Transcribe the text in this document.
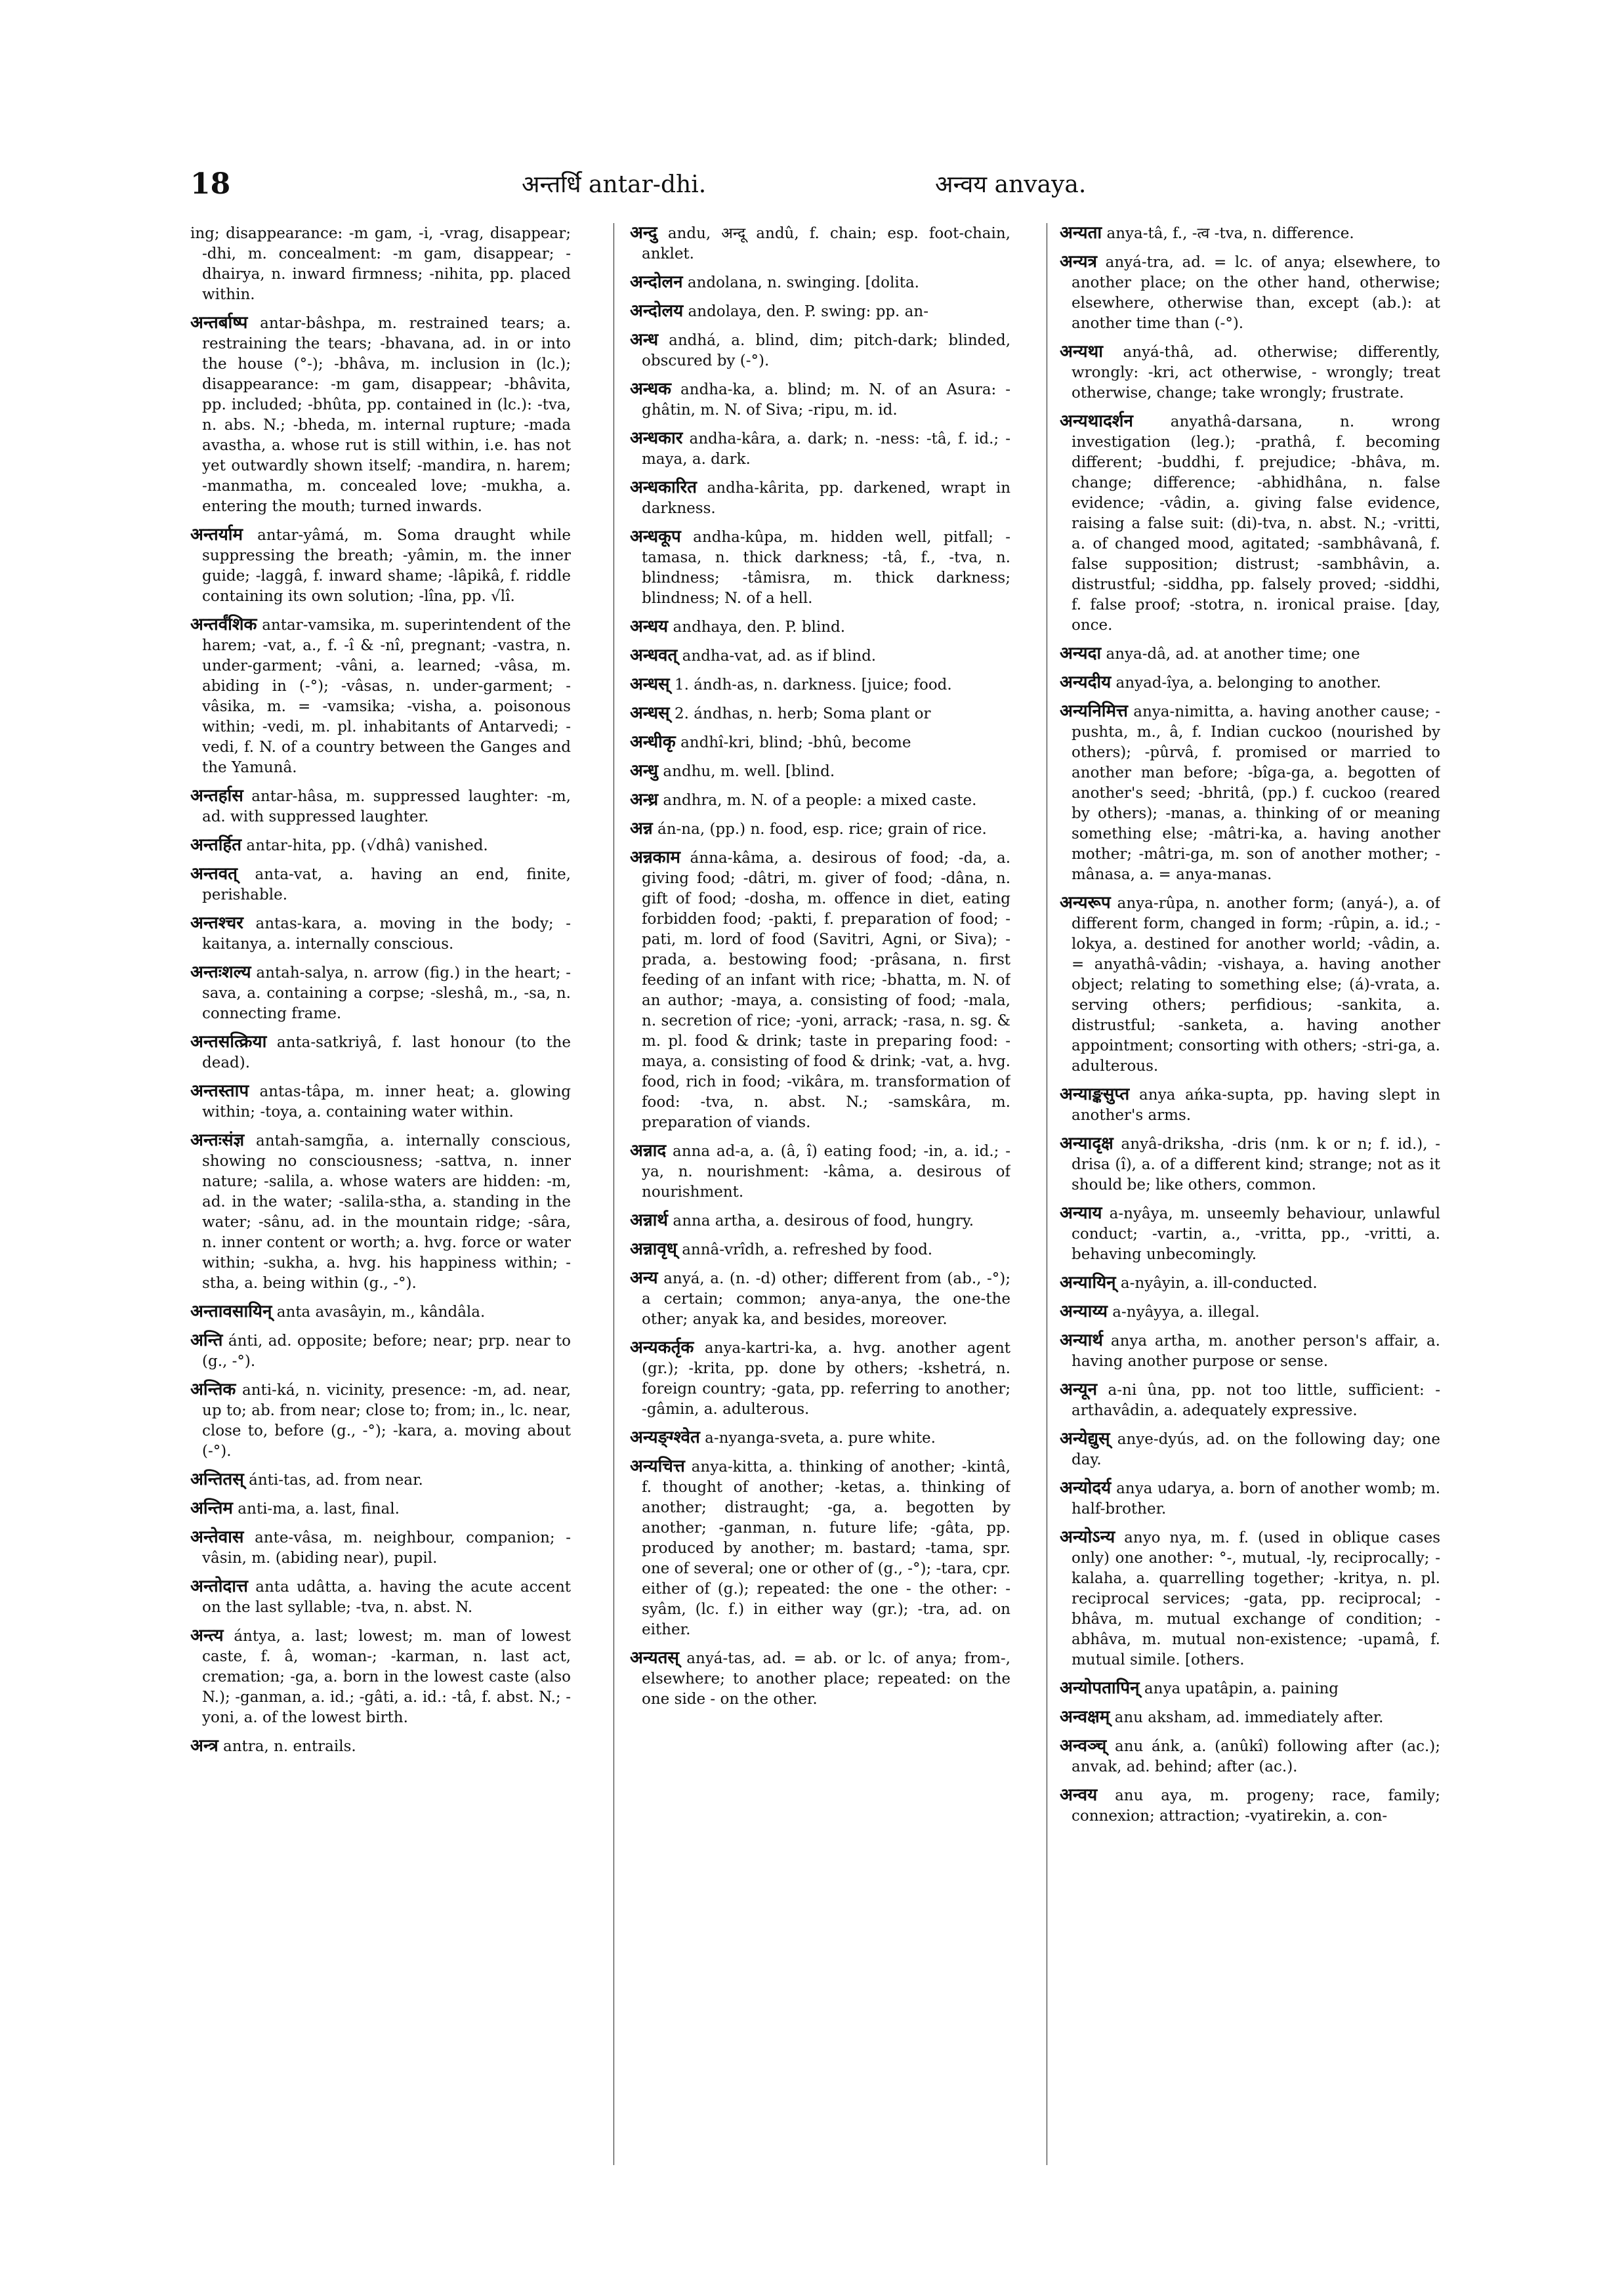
18	अन्तर्धि antar-dhi.	अन्वय anvaya.

ing; disappearance: -m gam, -i, -vrag, disappear; -dhi, m. concealment: -m gam, disappear; -dhairya, n. inward firmness; -nihita, pp. placed within.

अन्तर्बाष्प antar-bâshpa, m. restrained tears; a. restraining the tears; -bhavana, ad. in or into the house (°-); -bhâva, m. inclusion in (lc.); disappearance: -m gam, disappear; -bhâvita, pp. included; -bhûta, pp. contained in (lc.): -tva, n. abs. N.; -bheda, m. internal rupture; -mada avastha, a. whose rut is still within, i.e. has not yet outwardly shown itself; -mandira, n. harem; -manmatha, m. concealed love; -mukha, a. entering the mouth; turned inwards.

अन्तर्याम antar-yâmá, m. Soma draught while suppressing the breath; -yâmin, m. the inner guide; -laggâ, f. inward shame; -lâpikâ, f. riddle containing its own solution; -lîna, pp. √lî.

अन्तर्वंशिक antar-vamsika, m. superintendent of the harem; -vat, a., f. -î & -nî, pregnant; -vastra, n. under-garment; -vâni, a. learned; -vâsa, m. abiding in (-°); -vâsas, n. under-garment; -vâsika, m. = -vamsika; -visha, a. poisonous within; -vedi, m. pl. inhabitants of Antarvedi; -vedi, f. N. of a country between the Ganges and the Yamunâ.

अन्तर्हास antar-hâsa, m. suppressed laughter: -m, ad. with suppressed laughter.

अन्तर्हित antar-hita, pp. (√dhâ) vanished.

अन्तवत् anta-vat, a. having an end, finite, perishable.

अन्तश्चर antas-kara, a. moving in the body; -kaitanya, a. internally conscious.

अन्तःशल्य antah-salya, n. arrow (fig.) in the heart; -sava, a. containing a corpse; -sleshâ, m., -sa, n. connecting frame.

अन्तसत्क्रिया anta-satkriyâ, f. last honour (to the dead).

अन्तस्ताप antas-tâpa, m. inner heat; a. glowing within; -toya, a. containing water within.

अन्तःसंज्ञ antah-samgña, a. internally conscious, showing no consciousness; -sattva, n. inner nature; -salila, a. whose waters are hidden: -m, ad. in the water; -salila-stha, a. standing in the water; -sânu, ad. in the mountain ridge; -sâra, n. inner content or worth; a. hvg. force or water within; -sukha, a. hvg. his happiness within; -stha, a. being within (g., -°).

अन्तावसायिन् anta avasâyin, m., kândâla.

अन्ति ánti, ad. opposite; before; near; prp. near to (g., -°).

अन्तिक anti-ká, n. vicinity, presence: -m, ad. near, up to; ab. from near; close to; from; in., lc. near, close to, before (g., -°); -kara, a. moving about (-°).

अन्तितस् ánti-tas, ad. from near.

अन्तिम anti-ma, a. last, final.

अन्तेवास ante-vâsa, m. neighbour, companion; -vâsin, m. (abiding near), pupil.

अन्तोदात्त anta udâtta, a. having the acute accent on the last syllable; -tva, n. abst. N.

अन्त्य ántya, a. last; lowest; m. man of lowest caste, f. â, woman-; -karman, n. last act, cremation; -ga, a. born in the lowest caste (also N.); -ganman, a. id.; -gâti, a. id.: -tâ, f. abst. N.; -yoni, a. of the lowest birth.

अन्त्र antra, n. entrails.

अन्दु andu, अन्दू andû, f. chain; esp. foot-chain, anklet.

अन्दोलन andolana, n. swinging. [dolita.

अन्दोलय andolaya, den. P. swing: pp. an-

अन्ध andhá, a. blind, dim; pitch-dark; blinded, obscured by (-°).

अन्धक andha-ka, a. blind; m. N. of an Asura: -ghâtin, m. N. of Siva; -ripu, m. id.

अन्धकार andha-kâra, a. dark; n. -ness: -tâ, f. id.; -maya, a. dark.

अन्धकारित andha-kârita, pp. darkened, wrapt in darkness.

अन्धकूप andha-kûpa, m. hidden well, pitfall; -tamasa, n. thick darkness; -tâ, f., -tva, n. blindness; -tâmisra, m. thick darkness; blindness; N. of a hell.

अन्धय andhaya, den. P. blind.

अन्धवत् andha-vat, ad. as if blind.

अन्धस् 1. ándh-as, n. darkness. [juice; food.

अन्धस् 2. ándhas, n. herb; Soma plant or

अन्धीकृ andhî-kri, blind; -bhû, become

अन्धु andhu, m. well. [blind.

अन्ध्र andhra, m. N. of a people: a mixed caste.

अन्न án-na, (pp.) n. food, esp. rice; grain of rice.

अन्नकाम ánna-kâma, a. desirous of food; -da, a. giving food; -dâtri, m. giver of food; -dâna, n. gift of food; -dosha, m. offence in diet, eating forbidden food; -pakti, f. preparation of food; -pati, m. lord of food (Savitri, Agni, or Siva); -prada, a. bestowing food; -prâsana, n. first feeding of an infant with rice; -bhatta, m. N. of an author; -maya, a. consisting of food; -mala, n. secretion of rice; -yoni, arrack; -rasa, n. sg. & m. pl. food & drink; taste in preparing food: -maya, a. consisting of food & drink; -vat, a. hvg. food, rich in food; -vikâra, m. transformation of food: -tva, n. abst. N.; -samskâra, m. preparation of viands.

अन्नाद anna ad-a, a. (â, î) eating food; -in, a. id.; -ya, n. nourishment: -kâma, a. desirous of nourishment.

अन्नार्थ anna artha, a. desirous of food, hungry.

अन्नावृध् annâ-vrîdh, a. refreshed by food.

अन्य anyá, a. (n. -d) other; different from (ab., -°); a certain; common; anya-anya, the one-the other; anyak ka, and besides, moreover.

अन्यकर्तृक anya-kartri-ka, a. hvg. another agent (gr.); -krita, pp. done by others; -kshetrá, n. foreign country; -gata, pp. referring to another; -gâmin, a. adulterous.

अन्यङ्ग्श्वेत a-nyanga-sveta, a. pure white.

अन्यचित्त anya-kitta, a. thinking of another; -kintâ, f. thought of another; -ketas, a. thinking of another; distraught; -ga, a. begotten by another; -ganman, n. future life; -gâta, pp. produced by another; m. bastard; -tama, spr. one of several; one or other of (g., -°); -tara, cpr. either of (g.); repeated: the one - the other: -syâm, (lc. f.) in either way (gr.); -tra, ad. on either.

अन्यतस् anyá-tas, ad. = ab. or lc. of anya; from-, elsewhere; to another place; repeated: on the one side - on the other.

अन्यता anya-tâ, f., -त्व -tva, n. difference.

अन्यत्र anyá-tra, ad. = lc. of anya; elsewhere, to another place; on the other hand, otherwise; elsewhere, otherwise than, except (ab.): at another time than (-°).

अन्यथा anyá-thâ, ad. otherwise; differently, wrongly: -kri, act otherwise, - wrongly; treat otherwise, change; take wrongly; frustrate.

अन्यथादर्शन anyathâ-darsana, n. wrong investigation (leg.); -prathâ, f. becoming different; -buddhi, f. prejudice; -bhâva, m. change; difference; -abhidhâna, n. false evidence; -vâdin, a. giving false evidence, raising a false suit: (di)-tva, n. abst. N.; -vritti, a. of changed mood, agitated; -sambhâvanâ, f. false supposition; distrust; -sambhâvin, a. distrustful; -siddha, pp. falsely proved; -siddhi, f. false proof; -stotra, n. ironical praise. [day, once.

अन्यदा anya-dâ, ad. at another time; one

अन्यदीय anyad-îya, a. belonging to another.

अन्यनिमित्त anya-nimitta, a. having another cause; -pushta, m., â, f. Indian cuckoo (nourished by others); -pûrvâ, f. promised or married to another man before; -bîga-ga, a. begotten of another's seed; -bhritâ, (pp.) f. cuckoo (reared by others); -manas, a. thinking of or meaning something else; -mâtri-ka, a. having another mother; -mâtri-ga, m. son of another mother; -mânasa, a. = anya-manas.

अन्यरूप anya-rûpa, n. another form; (anyá-), a. of different form, changed in form; -rûpin, a. id.; -lokya, a. destined for another world; -vâdin, a. = anyathâ-vâdin; -vishaya, a. having another object; relating to something else; (á)-vrata, a. serving others; perfidious; -sankita, a. distrustful; -sanketa, a. having another appointment; consorting with others; -stri-ga, a. adulterous.

अन्याङ्कसुप्त anya ańka-supta, pp. having slept in another's arms.

अन्यादृक्ष anyâ-driksha, -dris (nm. k or n; f. id.), -drisa (î), a. of a different kind; strange; not as it should be; like others, common.

अन्याय a-nyâya, m. unseemly behaviour, unlawful conduct; -vartin, a., -vritta, pp., -vritti, a. behaving unbecomingly.

अन्यायिन् a-nyâyin, a. ill-conducted.

अन्याय्य a-nyâyya, a. illegal.

अन्यार्थ anya artha, m. another person's affair, a. having another purpose or sense.

अन्यून a-ni ûna, pp. not too little, sufficient: -arthavâdin, a. adequately expressive.

अन्येद्युस् anye-dyús, ad. on the following day; one day.

अन्योदर्य anya udarya, a. born of another womb; m. half-brother.

अन्योऽन्य anyo nya, m. f. (used in oblique cases only) one another: °-, mutual, -ly, reciprocally; -kalaha, a. quarrelling together; -kritya, n. pl. reciprocal services; -gata, pp. reciprocal; -bhâva, m. mutual exchange of condition; -abhâva, m. mutual non-existence; -upamâ, f. mutual simile. [others.

अन्योपतापिन् anya upatâpin, a. paining

अन्वक्षम् anu aksham, ad. immediately after.

अन्वञ्च् anu ánk, a. (anûkî) following after (ac.); anvak, ad. behind; after (ac.).

अन्वय anu aya, m. progeny; race, family; connexion; attraction; -vyatirekin, a. con-
